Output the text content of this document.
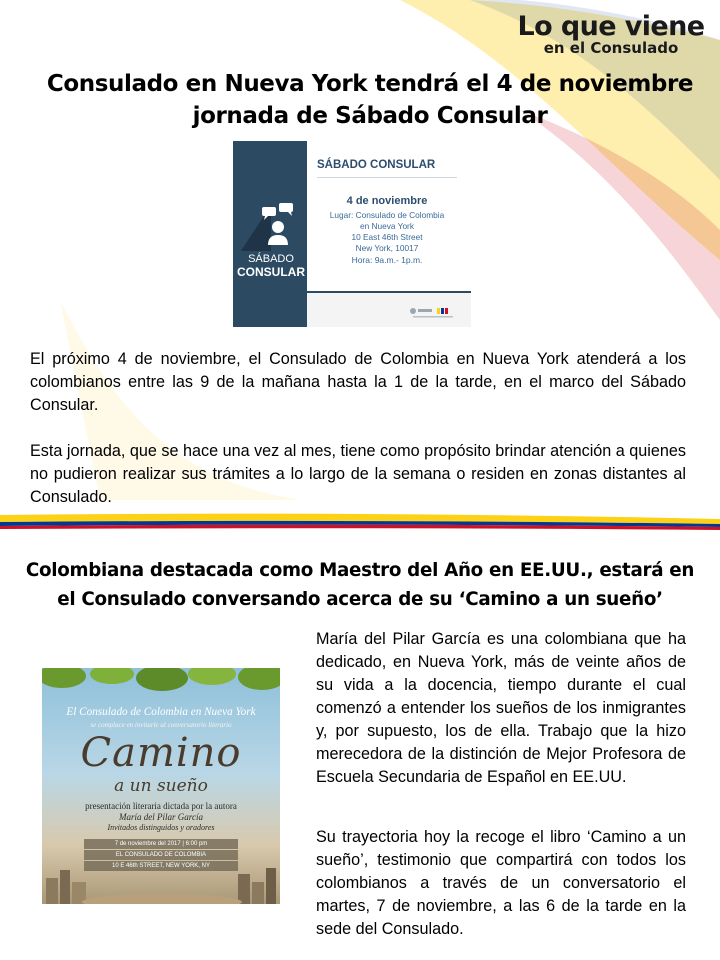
Lo que viene
en el Consulado
Consulado en Nueva York tendrá el 4 de noviembre jornada de Sábado Consular
SÁBADO CONSULAR
4 de noviembre
Lugar: Consulado de Colombia
en Nueva York
10 East 46th Street
New York, 10017
Hora: 9a.m.- 1p.m.
SÁBADO
CONSULAR
El próximo 4 de noviembre, el Consulado de Colombia en Nueva York atenderá a los colombianos entre las 9 de la mañana hasta la 1 de la tarde, en el marco del Sábado Consular.
Esta jornada, que se hace una vez al mes, tiene como propósito brindar atención a quienes no pudieron realizar sus trámites a lo largo de la semana o residen en zonas distantes al Consulado.
Colombiana destacada como Maestro del Año en EE.UU., estará en el Consulado conversando acerca de su ‘Camino a un sueño’
El Consulado de Colombia en Nueva York
se complace en invitarle al conversatorio literario
Camino
a un sueño
presentación literaria dictada por la autora
María del Pilar García
Invitados distinguidos y oradores
7 de noviembre del 2017 | 6:00 pm
EL CONSULADO DE COLOMBIA
10 E 46th STREET, NEW YORK, NY
María del Pilar García es una colombiana que ha dedicado, en Nueva York, más de veinte años de su vida a la docencia, tiempo durante el cual comenzó a entender los sueños de los inmigrantes y, por supuesto, los de ella. Trabajo que la hizo merecedora de la distinción de Mejor Profesora de Escuela Secundaria de Español en EE.UU.
Su trayectoria hoy la recoge el libro ‘Camino a un sueño’, testimonio que compartirá con todos los colombianos a través de un conversatorio el martes, 7 de noviembre, a las 6 de la tarde en la sede del Consulado.
